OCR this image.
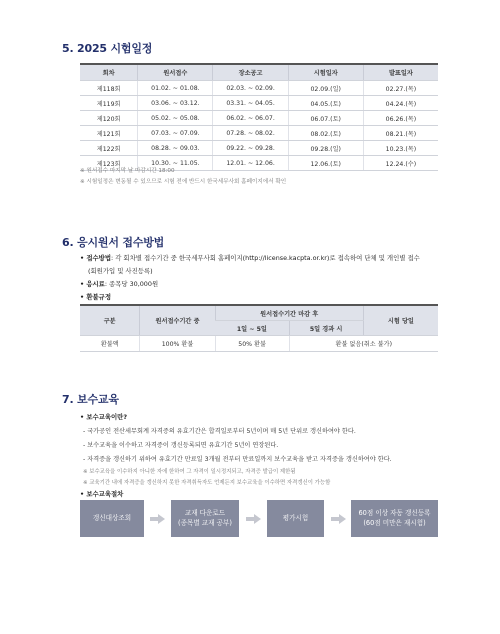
5. 2025 시험일정
회차	원서접수	장소공고	시험일자	발표일자
제118회	01.02. ~ 01.08.	02.03. ~ 02.09.	02.09.(일)	02.27.(목)
제119회	03.06. ~ 03.12.	03.31. ~ 04.05.	04.05.(토)	04.24.(목)
제120회	05.02. ~ 05.08.	06.02. ~ 06.07.	06.07.(토)	06.26.(목)
제121회	07.03. ~ 07.09.	07.28. ~ 08.02.	08.02.(토)	08.21.(목)
제122회	08.28. ~ 09.03.	09.22. ~ 09.28.	09.28.(일)	10.23.(목)
제123회	10.30. ~ 11.05.	12.01. ~ 12.06.	12.06.(토)	12.24.(수)
※ 원서접수 마지막 날 마감시간 18:00
※ 시험일정은 변동될 수 있으므로 시험 전에 반드시 한국세무사회 홈페이지에서 확인
6. 응시원서 접수방법
• 접수방법: 각 회차별 접수기간 중 한국세무사회 홈페이지(http://license.kacpta.or.kr)로 접속하여 단체 및 개인별 접수
(회원가입 및 사진등록)
• 응시료: 종목당 30,000원
• 환불규정
구분	원서접수기간 중	원서접수기간 마감 후		시험 당일
		1일 ~ 5일	5일 경과 시	
환불액	100% 환불	50% 환불	환불 없음(취소 불가)	
7. 보수교육
• 보수교육이란?
- 국가공인 전산세무회계 자격증의 유효기간은 합격일로부터 5년이며 매 5년 단위로 갱신하여야 한다.
- 보수교육을 이수하고 자격증이 갱신등록되면 유효기간 5년이 연장된다.
- 자격증을 갱신하기 위하여 유효기간 만료일 3개월 전부터 만료일까지 보수교육을 받고 자격증을 갱신하여야 한다.
※ 보수교육을 이수하지 아니한 자에 한하여 그 자격이 일시정지되고, 자격증 발급이 제한됨
※ 교육기간 내에 자격증을 갱신하지 못한 자격취득자도 언제든지 보수교육을 이수하면 자격갱신이 가능함
• 보수교육절차
갱신대상조회
교재 다운로드
(종목별 교재 공부)
평가시험
60점 이상 자동 갱신등록
(60점 미만은 재시험)
